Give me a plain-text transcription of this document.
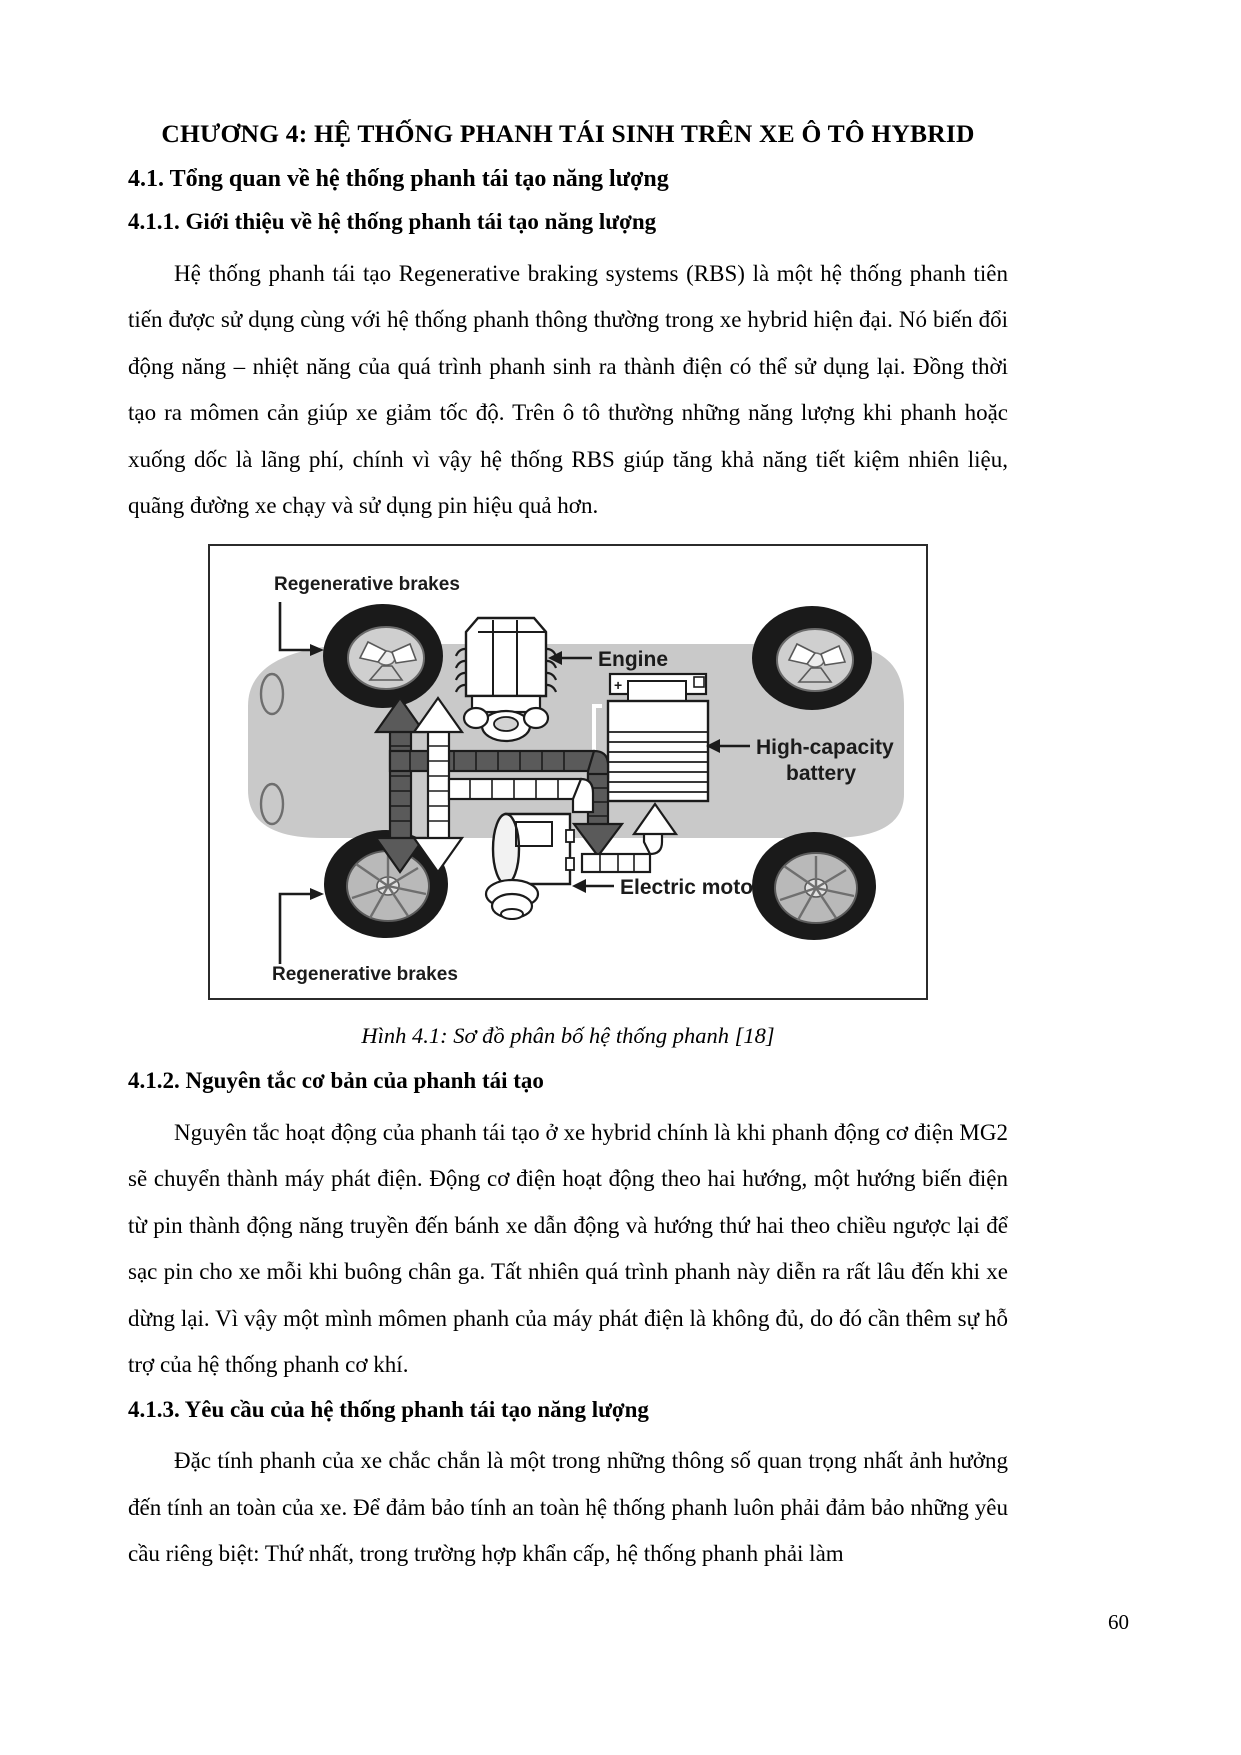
CHƯƠNG 4: HỆ THỐNG PHANH TÁI SINH TRÊN XE Ô TÔ HYBRID
4.1. Tổng quan về hệ thống phanh tái tạo năng lượng
4.1.1. Giới thiệu về hệ thống phanh tái tạo năng lượng

Hệ thống phanh tái tạo Regenerative braking systems (RBS) là một hệ thống phanh tiên tiến được sử dụng cùng với hệ thống phanh thông thường trong xe hybrid hiện đại. Nó biến đổi động năng – nhiệt năng của quá trình phanh sinh ra thành điện có thể sử dụng lại. Đồng thời tạo ra mômen cản giúp xe giảm tốc độ. Trên ô tô thường những năng lượng khi phanh hoặc xuống dốc là lãng phí, chính vì vậy hệ thống RBS giúp tăng khả năng tiết kiệm nhiên liệu, quãng đường xe chạy và sử dụng pin hiệu quả hơn.

+
Regenerative brakes
Regenerative brakes
Engine
High-capacity
battery
Electric motor
Hình 4.1: Sơ đồ phân bố hệ thống phanh [18]
4.1.2. Nguyên tắc cơ bản của phanh tái tạo

Nguyên tắc hoạt động của phanh tái tạo ở xe hybrid chính là khi phanh động cơ điện MG2 sẽ chuyển thành máy phát điện. Động cơ điện hoạt động theo hai hướng, một hướng biến điện từ pin thành động năng truyền đến bánh xe dẫn động và hướng thứ hai theo chiều ngược lại để sạc pin cho xe mỗi khi buông chân ga. Tất nhiên quá trình phanh này diễn ra rất lâu đến khi xe dừng lại. Vì vậy một mình mômen phanh của máy phát điện là không đủ, do đó cần thêm sự hỗ trợ của hệ thống phanh cơ khí.

4.1.3. Yêu cầu của hệ thống phanh tái tạo năng lượng

Đặc tính phanh của xe chắc chắn là một trong những thông số quan trọng nhất ảnh hưởng đến tính an toàn của xe. Để đảm bảo tính an toàn hệ thống phanh luôn phải đảm bảo những yêu cầu riêng biệt: Thứ nhất, trong trường hợp khẩn cấp, hệ thống phanh phải làm

60
